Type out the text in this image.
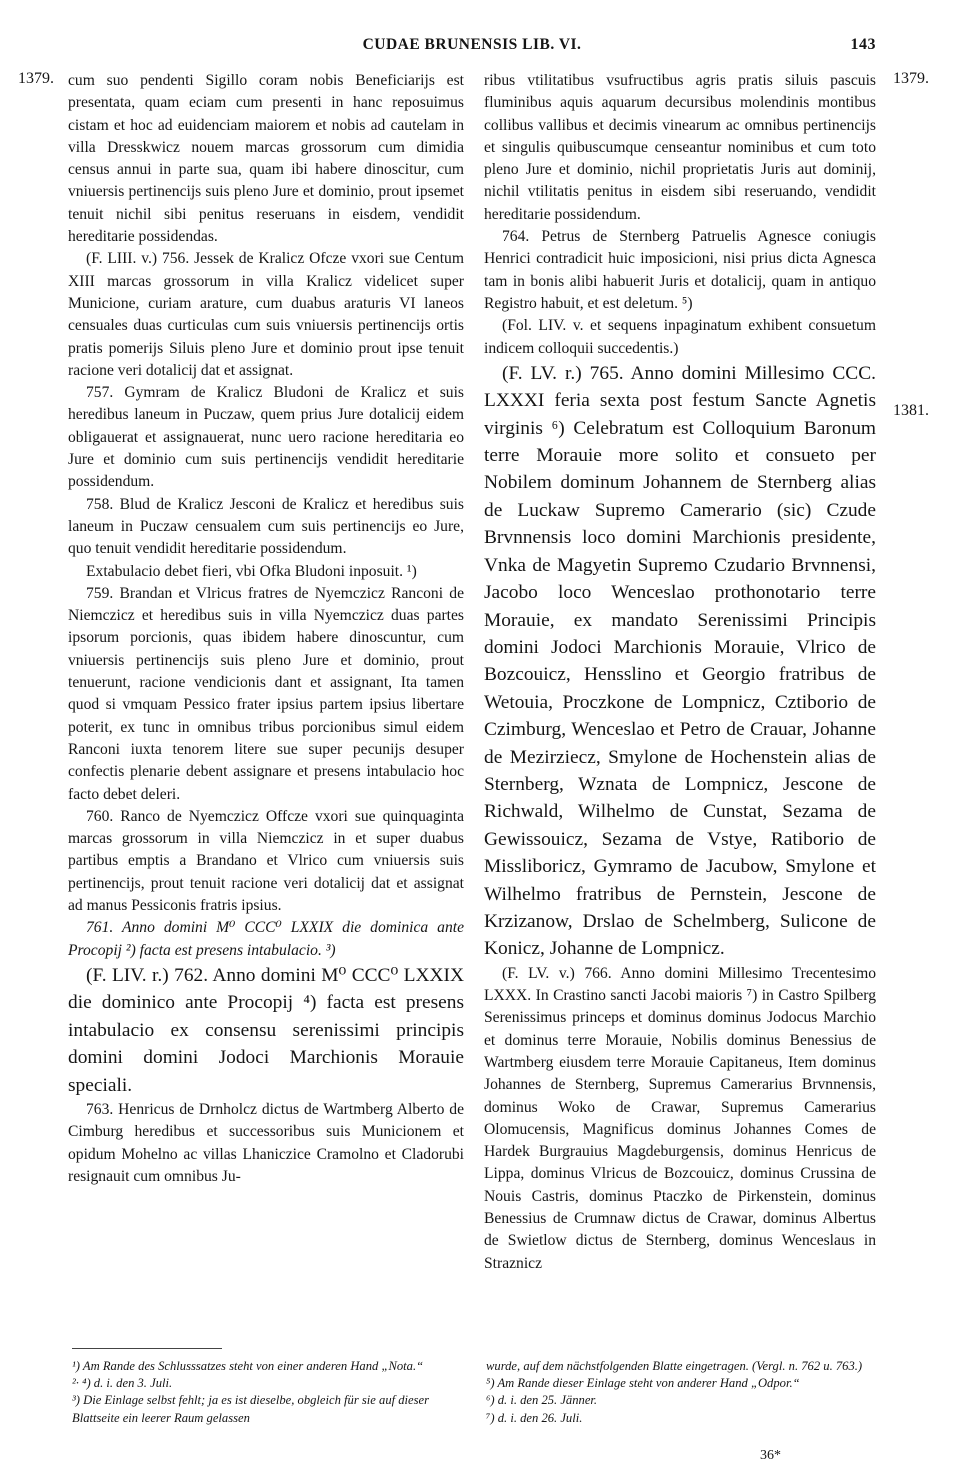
CUDAE BRUNENSIS LIB. VI.	143
1379.	1379.
1381.

cum suo pendenti Sigillo coram nobis Beneficiarijs est presentata, quam eciam cum presenti in hanc reposuimus cistam et hoc ad euidenciam maiorem et nobis ad cautelam in villa Dresskwicz nouem marcas grossorum cum dimidia census annui in parte sua, quam ibi habere dinoscitur, cum vniuersis pertinencijs suis pleno Jure et dominio, prout ipsemet tenuit nichil sibi penitus reseruans in eisdem, vendidit hereditarie possidendas.

(F. LIII. v.) 756. Jessek de Kralicz Ofcze vxori sue Centum XIII marcas grossorum in villa Kralicz videlicet super Municione, curiam arature, cum duabus araturis VI laneos censuales duas curticulas cum suis vniuersis pertinencijs ortis pratis pomerijs Siluis pleno Jure et dominio prout ipse tenuit racione veri dotalicij dat et assignat.

757. Gymram de Kralicz Bludoni de Kralicz et suis heredibus laneum in Puczaw, quem prius Jure dotalicij eidem obligauerat et assignauerat, nunc uero racione hereditaria eo Jure et dominio cum suis pertinencijs vendidit hereditarie possidendum.

758. Blud de Kralicz Jesconi de Kralicz et heredibus suis laneum in Puczaw censualem cum suis pertinencijs eo Jure, quo tenuit vendidit hereditarie possidendum.

Extabulacio debet fieri, vbi Ofka Bludoni inposuit. ¹)

759. Brandan et Vlricus fratres de Nyemczicz Ranconi de Niemczicz et heredibus suis in villa Nyemczicz duas partes ipsorum porcionis, quas ibidem habere dinoscuntur, cum vniuersis pertinencijs suis pleno Jure et dominio, prout tenuerunt, racione vendicionis dant et assignant, Ita tamen quod si vmquam Pessico frater ipsius partem ipsius libertare poterit, ex tunc in omnibus tribus porcionibus simul eidem Ranconi iuxta tenorem litere sue super pecunijs desuper confectis plenarie debent assignare et presens intabulacio hoc facto debet deleri.

760. Ranco de Nyemczicz Offcze vxori sue quinquaginta marcas grossorum in villa Niemczicz in et super duabus partibus emptis a Brandano et Vlrico cum vniuersis suis pertinencijs, prout tenuit racione veri dotalicij dat et assignat ad manus Pessiconis fratris ipsius.

761. Anno domini M⁰ CCC⁰ LXXIX die dominica ante Procopij ²) facta est presens intabulacio. ³)

(F. LIV. r.) 762. Anno domini M⁰ CCC⁰ LXXIX die dominico ante Procopij ⁴) facta est presens intabulacio ex consensu serenissimi principis domini domini Jodoci Marchionis Morauie speciali.

763. Henricus de Drnholcz dictus de Wartmberg Alberto de Cimburg heredibus et successoribus suis Municionem et opidum Mohelno ac villas Lhaniczice Cramolno et Cladorubi resignauit cum omnibus Ju-

ribus vtilitatibus vsufructibus agris pratis siluis pascuis fluminibus aquis aquarum decursibus molendinis montibus collibus vallibus et decimis vinearum ac omnibus pertinencijs et singulis quibuscumque censeantur nominibus et cum toto pleno Jure et dominio, nichil proprietatis Juris aut dominij, nichil vtilitatis penitus in eisdem sibi reseruando, vendidit hereditarie possidendum.

764. Petrus de Sternberg Patruelis Agnesce coniugis Henrici contradicit huic imposicioni, nisi prius dicta Agnesca tam in bonis alibi habuerit Juris et dotalicij, quam in antiquo Registro habuit, et est deletum. ⁵)

(Fol. LIV. v. et sequens inpaginatum exhibent consuetum indicem colloquii succedentis.)

(F. LV. r.) 765. Anno domini Millesimo CCC. LXXXI feria sexta post festum Sancte Agnetis virginis ⁶) Celebratum est Colloquium Baronum terre Morauie more solito et consueto per Nobilem dominum Johannem de Sternberg alias de Luckaw Supremo Camerario (sic) Czude Brvnnensis loco domini Marchionis presidente, Vnka de Magyetin Supremo Czudario Brvnnensi, Jacobo loco Wenceslao prothonotario terre Morauie, ex mandato Serenissimi Principis domini Jodoci Marchionis Morauie, Vlrico de Bozcouicz, Hensslino et Georgio fratribus de Wetouia, Proczkone de Lompnicz, Cztiborio de Czimburg, Wenceslao et Petro de Crauar, Johanne de Mezirziecz, Smylone de Hochenstein alias de Sternberg, Wznata de Lompnicz, Jescone de Richwald, Wilhelmo de Cunstat, Sezama de Gewissouicz, Sezama de Vstye, Ratiborio de Missliboricz, Gymramo de Jacubow, Smylone et Wilhelmo fratribus de Pernstein, Jescone de Krzizanow, Drslao de Schelmberg, Sulicone de Konicz, Johanne de Lompnicz.

(F. LV. v.) 766. Anno domini Millesimo Trecentesimo LXXX. In Crastino sancti Jacobi maioris ⁷) in Castro Spilberg Serenissimus princeps et dominus dominus Jodocus Marchio et dominus terre Morauie, Nobilis dominus Benessius de Wartmberg eiusdem terre Morauie Capitaneus, Item dominus Johannes de Sternberg, Supremus Camerarius Brvnnensis, dominus Woko de Crawar, Supremus Camerarius Olomucensis, Magnificus dominus Johannes Comes de Hardek Burgrauius Magdeburgensis, dominus Henricus de Lippa, dominus Vlricus de Bozcouicz, dominus Crussina de Nouis Castris, dominus Ptaczko de Pirkenstein, dominus Benessius de Crumnaw dictus de Crawar, dominus Albertus de Swietlow dictus de Sternberg, dominus Wenceslaus in Straznicz

¹) Am Rande des Schlusssatzes steht von einer anderen Hand „Nota.“

²· ⁴) d. i. den 3. Juli.

³) Die Einlage selbst fehlt; ja es ist dieselbe, obgleich für sie auf dieser Blattseite ein leerer Raum gelassen

wurde, auf dem nächstfolgenden Blatte eingetragen. (Vergl. n. 762 u. 763.)

⁵) Am Rande dieser Einlage steht von anderer Hand „Odpor.“

⁶) d. i. den 25. Jänner.

⁷) d. i. den 26. Juli.

36*
